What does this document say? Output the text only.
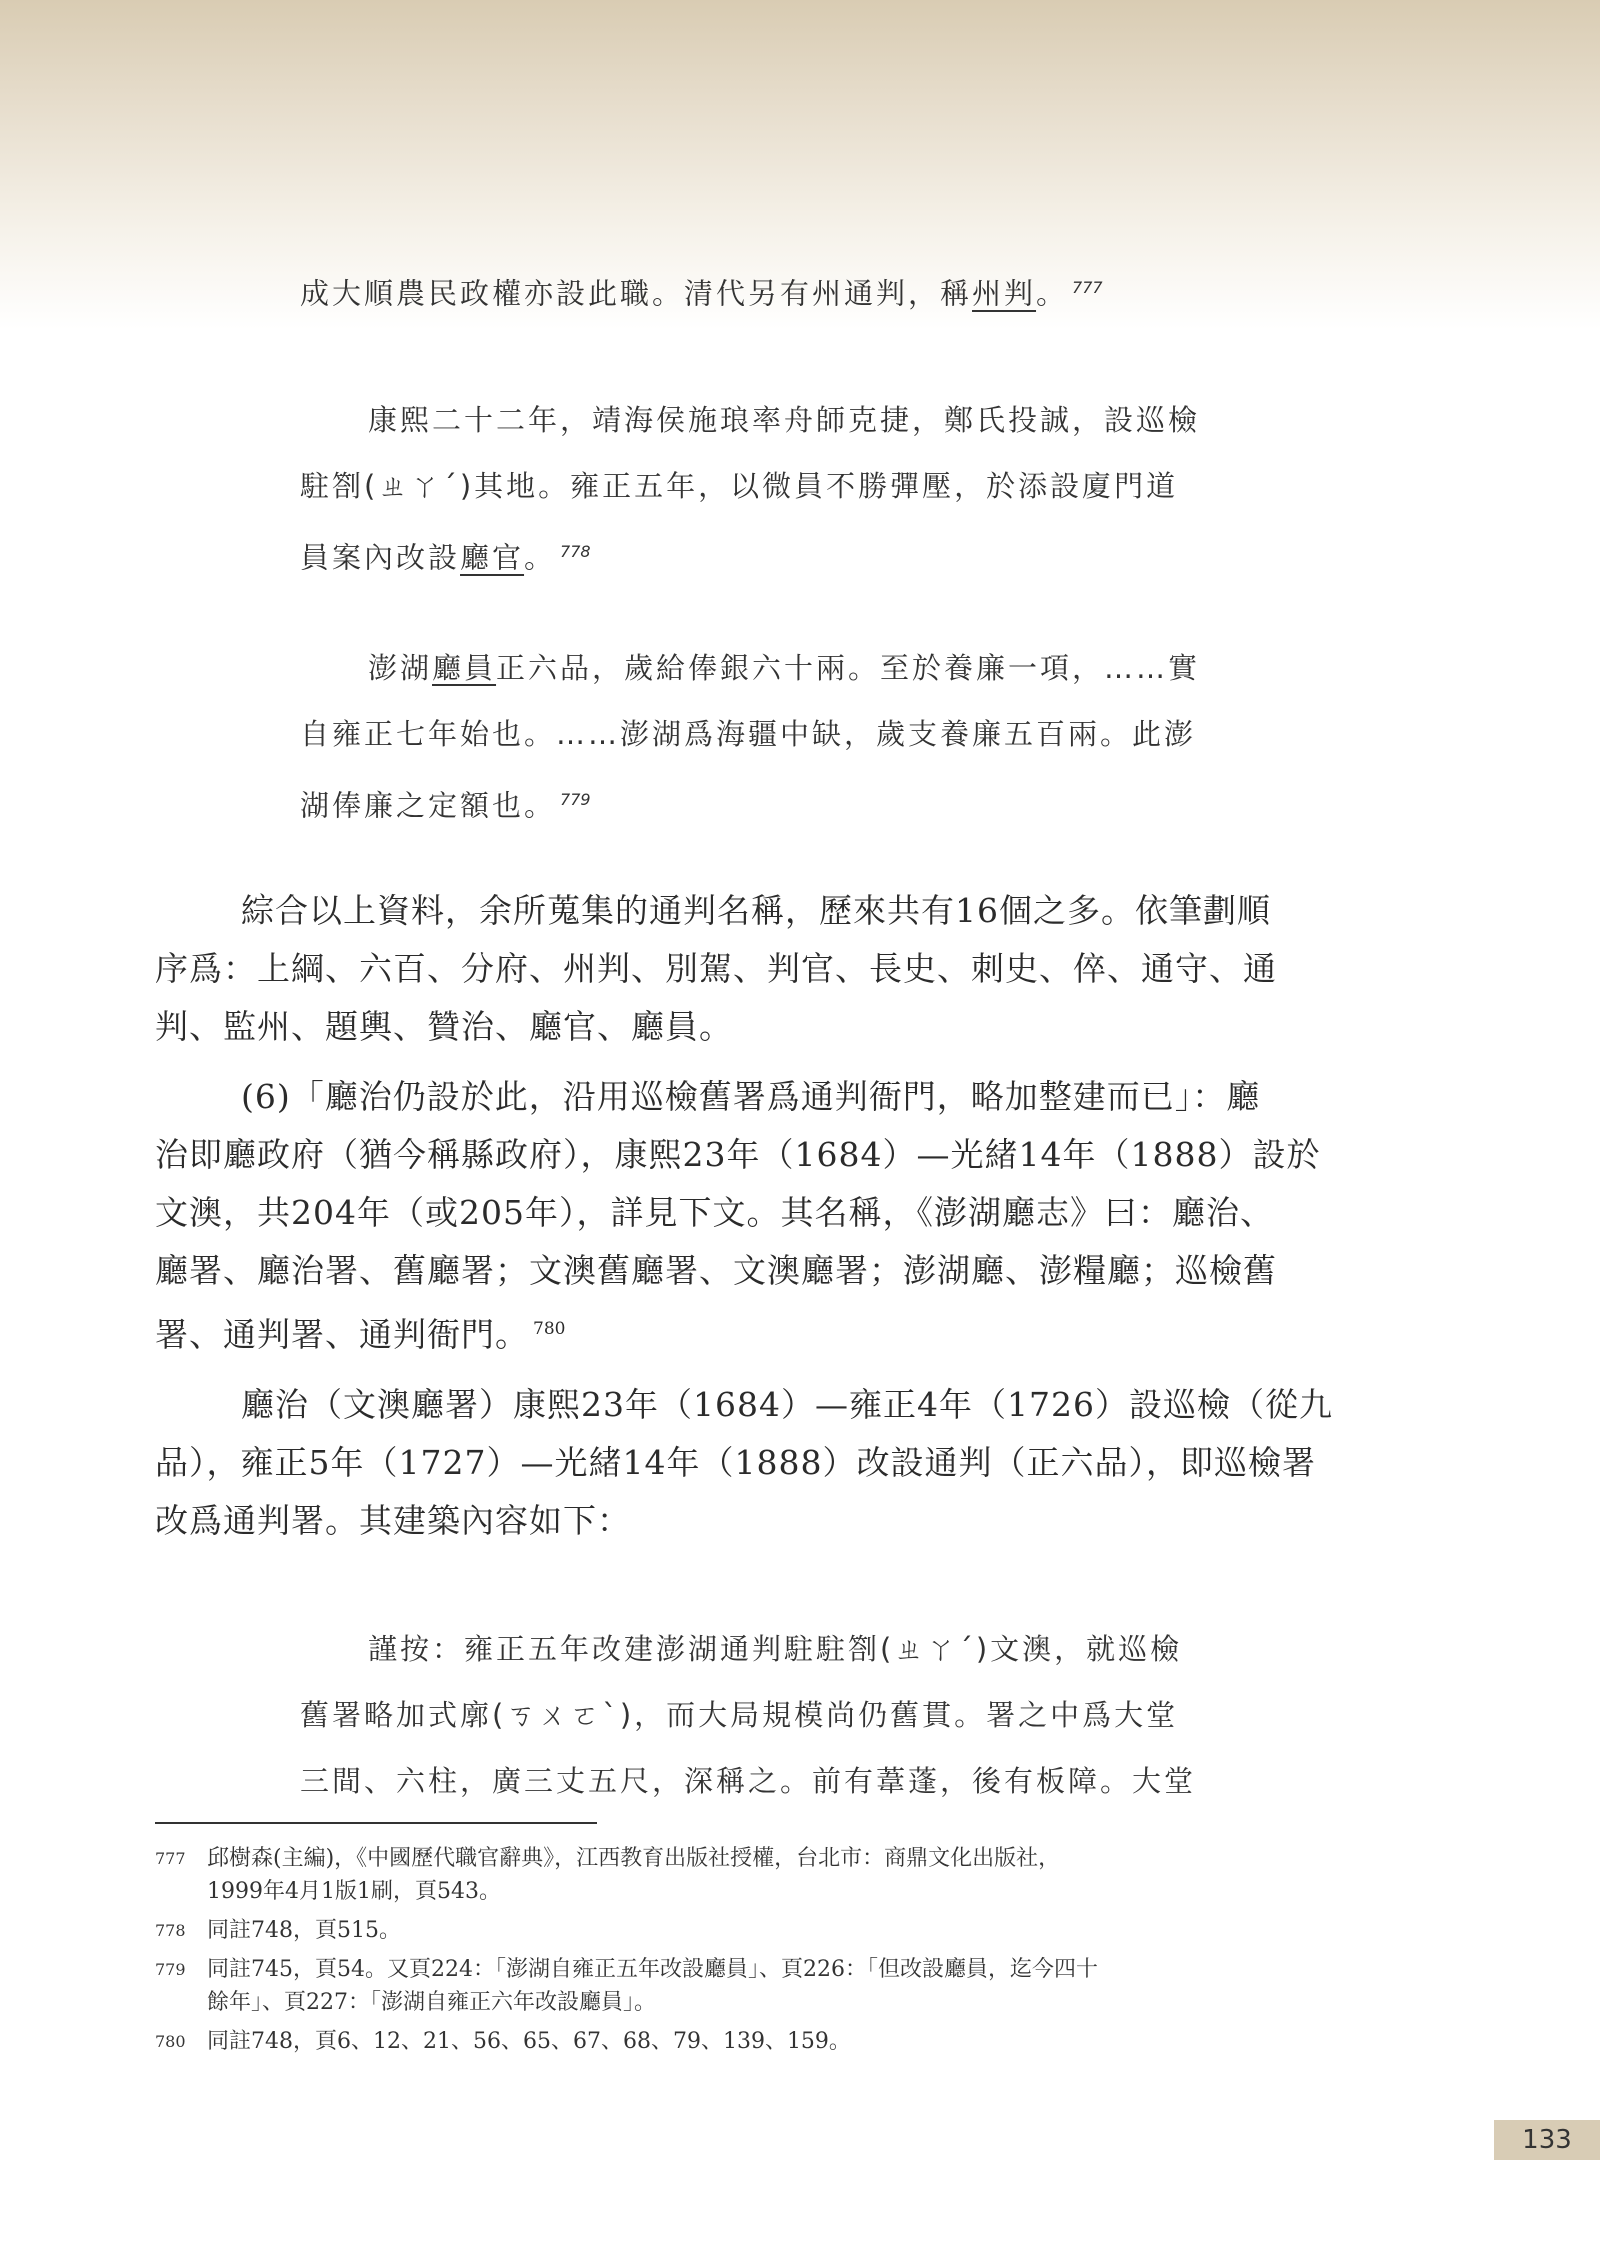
成大順農民政權亦設此職。清代另有州通判，稱州判。 $^{777}$
康熙二十二年，靖海侯施琅率舟師克捷，鄭氏投誠，設巡檢
駐劄(ㄓㄚˊ)其地。雍正五年，以微員不勝彈壓，於添設廈門道
員案內改設廳官。 $^{778}$
澎湖廳員正六品，歲給俸銀六十兩。至於養廉一項，……實
自雍正七年始也。……澎湖爲海疆中缺，歲支養廉五百兩。此澎
湖俸廉之定額也。 $^{779}$
綜合以上資料，余所蒐集的通判名稱，歷來共有16個之多。依筆劃順
序爲：上綱、六百、分府、州判、別駕、判官、長史、刺史、倅、通守、通
判、監州、題輿、贊治、廳官、廳員。
(6)「廳治仍設於此，沿用巡檢舊署爲通判衙門，略加整建而已」：廳
治即廳政府（猶今稱縣政府），康熙23年（1684）—光緒14年（1888）設於
文澳，共204年（或205年），詳見下文。其名稱，《澎湖廳志》曰：廳治、
廳署、廳治署、舊廳署；文澳舊廳署、文澳廳署；澎湖廳、澎糧廳；巡檢舊
署、通判署、通判衙門。 $^{780}$
廳治（文澳廳署）康熙23年（1684）—雍正4年（1726）設巡檢（從九
品），雍正5年（1727）—光緒14年（1888）改設通判（正六品），即巡檢署
改爲通判署。其建築內容如下：
謹按：雍正五年改建澎湖通判駐駐劄(ㄓㄚˊ)文澳，就巡檢
舊署略加式廓(ㄎㄨㄛˋ)，而大局規模尚仍舊貫。署之中爲大堂
三間、六柱，廣三丈五尺，深稱之。前有葦蓬，後有板障。大堂
777 邱樹森(主編)，《中國歷代職官辭典》，江西教育出版社授權，台北市：商鼎文化出版社，
1999年4月1版1刷，頁543。
778 同註748，頁515。
779 同註745，頁54。又頁224：「澎湖自雍正五年改設廳員」、頁226：「但改設廳員，迄今四十
餘年」、頁227：「澎湖自雍正六年改設廳員」。
780 同註748，頁6、12、21、56、65、67、68、79、139、159。
133
